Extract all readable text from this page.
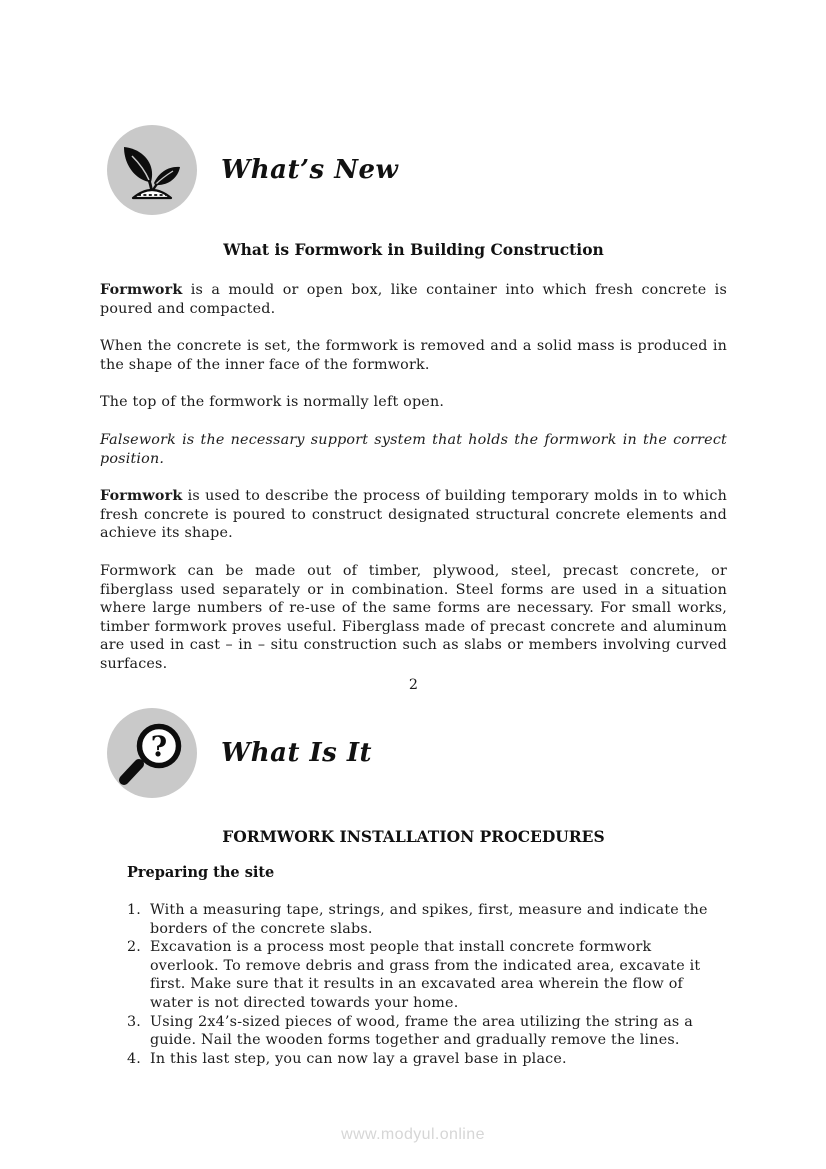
What’s New
What is Formwork in Building Construction

Formwork is a mould or open box, like container into which fresh concrete is poured and compacted.

When the concrete is set, the formwork is removed and a solid mass is produced in the shape of the inner face of the formwork.

The top of the formwork is normally left open.

Falsework is the necessary support system that holds the formwork in the correct position.

Formwork is used to describe the process of building temporary molds in to which fresh concrete is poured to construct designated structural concrete elements and achieve its shape.

Formwork can be made out of timber, plywood, steel, precast concrete, or fiberglass used separately or in combination. Steel forms are used in a situation where large numbers of re-use of the same forms are necessary. For small works, timber formwork proves useful. Fiberglass made of precast concrete and aluminum are used in cast – in – situ construction such as slabs or members involving curved surfaces.

2
? What Is It
FORMWORK INSTALLATION PROCEDURES
Preparing the site
1. With a measuring tape, strings, and spikes, first, measure and indicate the borders of the concrete slabs.
2. Excavation is a process most people that install concrete formwork overlook. To remove debris and grass from the indicated area, excavate it first. Make sure that it results in an excavated area wherein the flow of water is not directed towards your home.
3. Using 2x4’s-sized pieces of wood, frame the area utilizing the string as a guide. Nail the wooden forms together and gradually remove the lines.
4. In this last step, you can now lay a gravel base in place.
www.modyul.online
